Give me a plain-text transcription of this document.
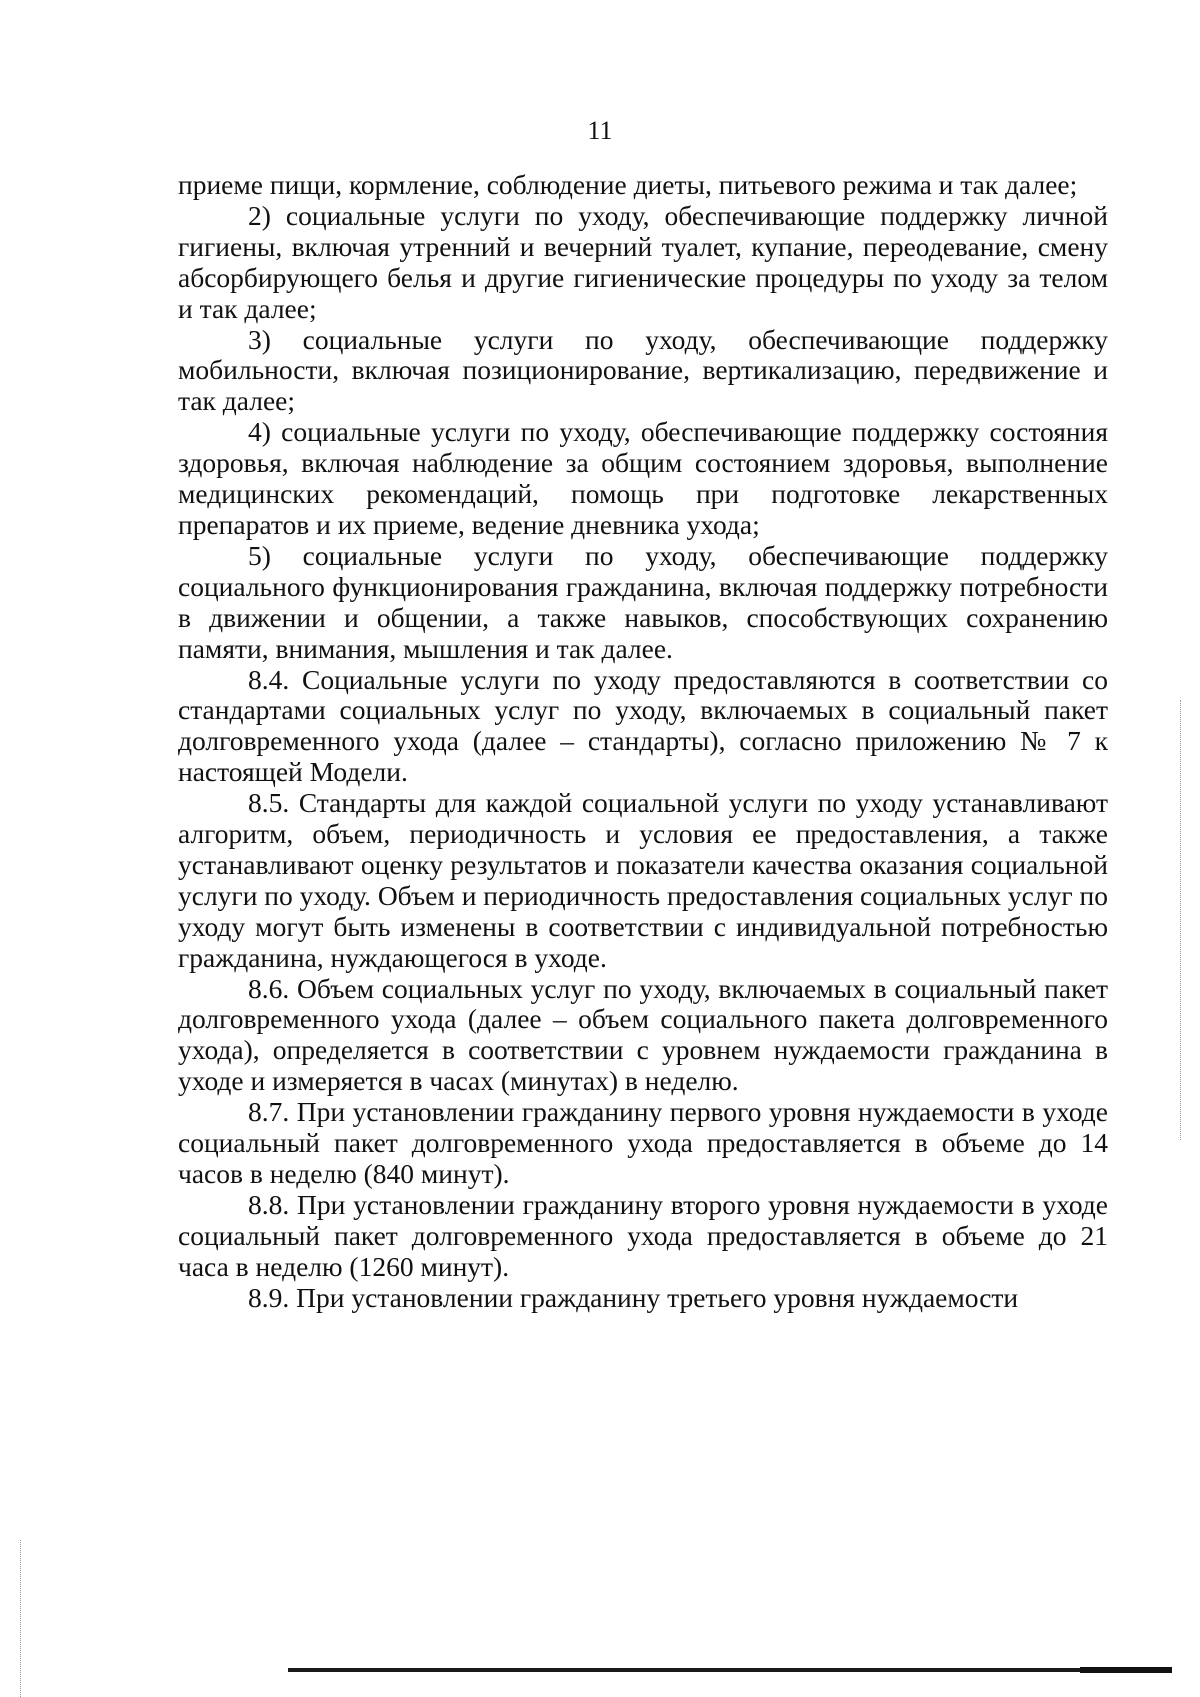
11

приеме пищи, кормление, соблюдение диеты, питьевого режима и так далее;

2) социальные услуги по уходу, обеспечивающие поддержку личной гигиены, включая утренний и вечерний туалет, купание, переодевание, смену абсорбирующего белья и другие гигиенические процедуры по уходу за телом и так далее;

3) социальные услуги по уходу, обеспечивающие поддержку мобильности, включая позиционирование, вертикализацию, передвижение и так далее;

4) социальные услуги по уходу, обеспечивающие поддержку состояния здоровья, включая наблюдение за общим состоянием здоровья, выполнение медицинских рекомендаций, помощь при подготовке лекарственных препаратов и их приеме, ведение дневника ухода;

5) социальные услуги по уходу, обеспечивающие поддержку социального функционирования гражданина, включая поддержку потребности в движении и общении, а также навыков, способствующих сохранению памяти, внимания, мышления и так далее.

8.4. Социальные услуги по уходу предоставляются в соответствии со стандартами социальных услуг по уходу, включаемых в социальный пакет долговременного ухода (далее – стандарты), согласно приложению № 7 к настоящей Модели.

8.5. Стандарты для каждой социальной услуги по уходу устанавливают алгоритм, объем, периодичность и условия ее предоставления, а также устанавливают оценку результатов и показатели качества оказания социальной услуги по уходу. Объем и периодичность предоставления социальных услуг по уходу могут быть изменены в соответствии с индивидуальной потребностью гражданина, нуждающегося в уходе.

8.6. Объем социальных услуг по уходу, включаемых в социальный пакет долговременного ухода (далее – объем социального пакета долговременного ухода), определяется в соответствии с уровнем нуждаемости гражданина в уходе и измеряется в часах (минутах) в неделю.

8.7. При установлении гражданину первого уровня нуждаемости в уходе социальный пакет долговременного ухода предоставляется в объеме до 14 часов в неделю (840 минут).

8.8. При установлении гражданину второго уровня нуждаемости в уходе социальный пакет долговременного ухода предоставляется в объеме до 21 часа в неделю (1260 минут).

8.9. При установлении гражданину третьего уровня нуждаемости
